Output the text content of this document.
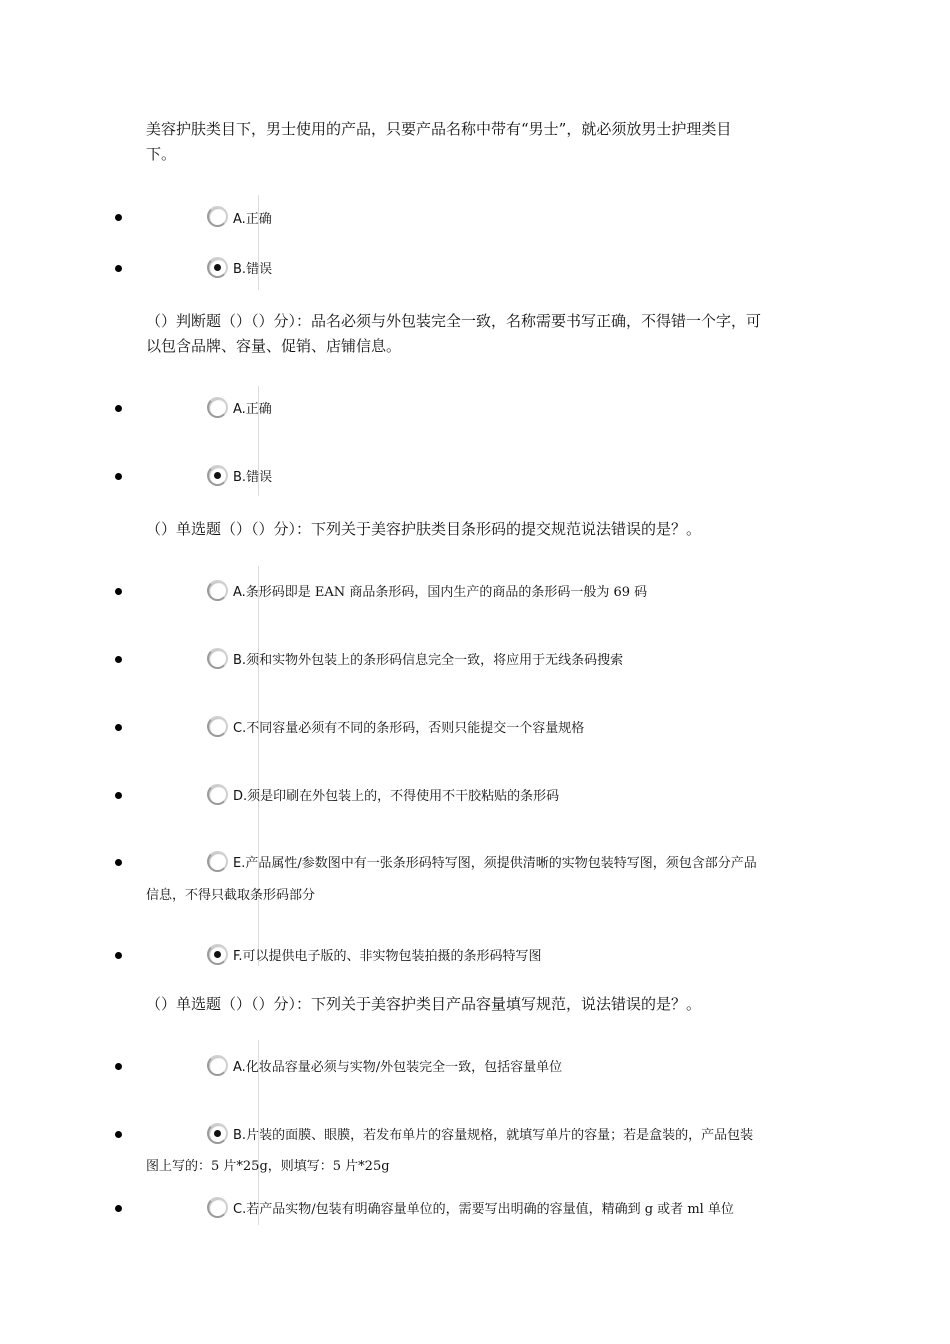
美容护肤类目下，男士使用的产品，只要产品名称中带有“男士”，就必须放男士护理类目
下。
A.正确
B.错误
（）判断题（）（）分）：品名必须与外包装完全一致，名称需要书写正确，不得错一个字，可
以包含品牌、容量、促销、店铺信息。
A.正确
B.错误
（）单选题（）（）分）：下列关于美容护肤类目条形码的提交规范说法错误的是？。
A.条形码即是 EAN 商品条形码，国内生产的商品的条形码一般为 69 码
B.须和实物外包装上的条形码信息完全一致，将应用于无线条码搜索
C.不同容量必须有不同的条形码，否则只能提交一个容量规格
D.须是印刷在外包装上的，不得使用不干胶粘贴的条形码
E.产品属性/参数图中有一张条形码特写图，须提供清晰的实物包装特写图，须包含部分产品
信息，不得只截取条形码部分
F.可以提供电子版的、非实物包装拍摄的条形码特写图
（）单选题（）（）分）：下列关于美容护类目产品容量填写规范，说法错误的是？。
A.化妆品容量必须与实物/外包装完全一致，包括容量单位
B.片装的面膜、眼膜，若发布单片的容量规格，就填写单片的容量；若是盒装的，产品包装
图上写的：5 片*25g，则填写：5 片*25g
C.若产品实物/包装有明确容量单位的，需要写出明确的容量值，精确到 g 或者 ml 单位
